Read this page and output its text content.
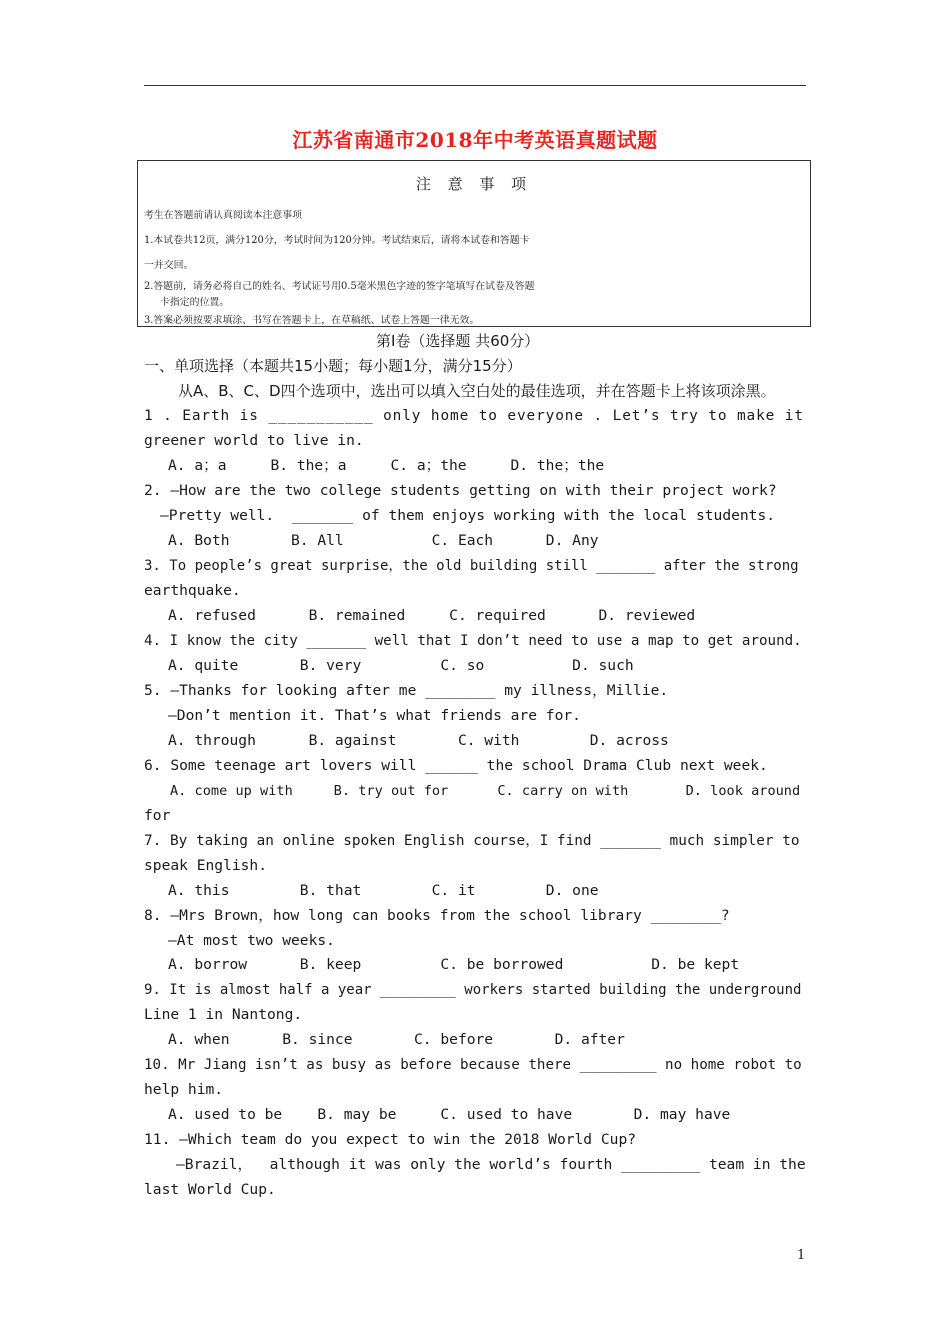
江苏省南通市2018年中考英语真题试题
注 意 事 项
考生在答题前请认真阅读本注意事项
1.本试卷共12页，满分120分，考试时间为120分钟。考试结束后，请将本试卷和答题卡
一并交回。
2.答题前，请务必将自己的姓名、考试证号用0.5毫米黑色字迹的签字笔填写在试卷及答题
卡指定的位置。
3.答案必须按要求填涂、书写在答题卡上，在草稿纸、试卷上答题一律无效。
第Ⅰ卷（选择题 共60分）
一、单项选择（本题共15小题；每小题1分，满分15分）
从A、B、C、D四个选项中，选出可以填入空白处的最佳选项，并在答题卡上将该项涂黑。
1 . Earth is ___________ only home to everyone . Let’s try to make it
greener world to live in.
A. a；a     B. the；a     C. a；the     D. the；the
2. —How are the two college students getting on with their project work?
—Pretty well.  _______ of them enjoys working with the local students.
A. Both       B. All          C. Each      D. Any
3. To people’s great surprise，the old building still _______ after the strong
earthquake.
A. refused      B. remained     C. required      D. reviewed
4. I know the city _______ well that I don’t need to use a map to get around.
A. quite       B. very         C. so          D. such
5. —Thanks for looking after me ________ my illness，Millie.
—Don’t mention it. That’s what friends are for.
A. through      B. against       C. with        D. across
6. Some teenage art lovers will ______ the school Drama Club next week.
A. come up with     B. try out for      C. carry on with       D. look around
for
7. By taking an online spoken English course，I find _______ much simpler to
speak English.
A. this        B. that        C. it        D. one
8. —Mrs Brown，how long can books from the school library ________?
—At most two weeks.
A. borrow      B. keep         C. be borrowed          D. be kept
9. It is almost half a year _________ workers started building the underground
Line 1 in Nantong.
A. when      B. since       C. before       D. after
10. Mr Jiang isn’t as busy as before because there _________ no home robot to
help him.
A. used to be    B. may be     C. used to have       D. may have
11. —Which team do you expect to win the 2018 World Cup?
—Brazil，  although it was only the world’s fourth _________ team in the
last World Cup.
1
